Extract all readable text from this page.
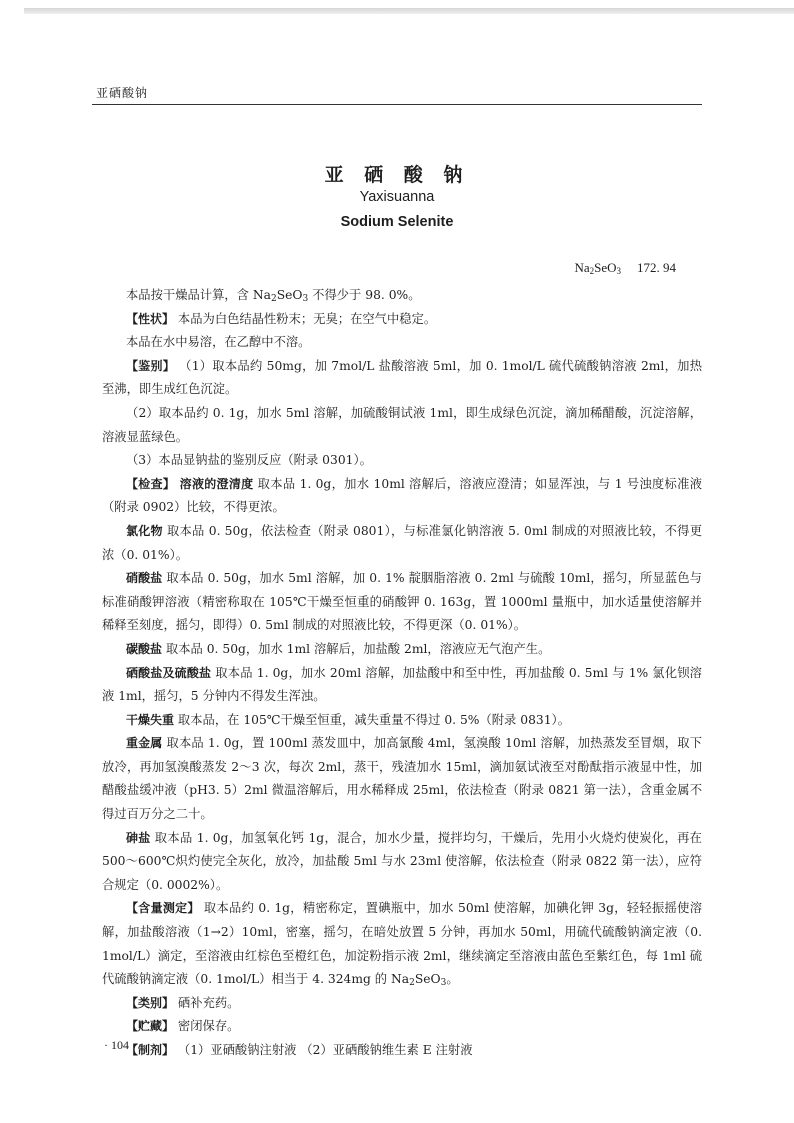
亚硒酸钠
亚 硒 酸 钠
Yaxisuanna
Sodium Selenite
$Na_2SeO_3$ 172. 94

本品按干燥品计算，含 $Na_2SeO_3$ 不得少于 98. 0%。

【性状】 本品为白色结晶性粉末；无臭；在空气中稳定。

本品在水中易溶，在乙醇中不溶。

【鉴别】 （1）取本品约 50mg，加 7mol/L 盐酸溶液 5ml，加 0. 1mol/L 硫代硫酸钠溶液 2ml，加热至沸，即生成红色沉淀。

（2）取本品约 0. 1g，加水 5ml 溶解，加硫酸铜试液 1ml，即生成绿色沉淀，滴加稀醋酸，沉淀溶解，溶液显蓝绿色。

（3）本品显钠盐的鉴别反应（附录 0301）。

【检查】 溶液的澄清度 取本品 1. 0g，加水 10ml 溶解后，溶液应澄清；如显浑浊，与 1 号浊度标准液（附录 0902）比较，不得更浓。

氯化物 取本品 0. 50g，依法检查（附录 0801），与标准氯化钠溶液 5. 0ml 制成的对照液比较，不得更浓（0. 01%）。

硝酸盐 取本品 0. 50g，加水 5ml 溶解，加 0. 1% 靛胭脂溶液 0. 2ml 与硫酸 10ml，摇匀，所显蓝色与标准硝酸钾溶液（精密称取在 105℃干燥至恒重的硝酸钾 0. 163g，置 1000ml 量瓶中，加水适量使溶解并稀释至刻度，摇匀，即得）0. 5ml 制成的对照液比较，不得更深（0. 01%）。

碳酸盐 取本品 0. 50g，加水 1ml 溶解后，加盐酸 2ml，溶液应无气泡产生。

硒酸盐及硫酸盐 取本品 1. 0g，加水 20ml 溶解，加盐酸中和至中性，再加盐酸 0. 5ml 与 1% 氯化钡溶液 1ml，摇匀，5 分钟内不得发生浑浊。

干燥失重 取本品，在 105℃干燥至恒重，减失重量不得过 0. 5%（附录 0831）。

重金属 取本品 1. 0g，置 100ml 蒸发皿中，加高氯酸 4ml，氢溴酸 10ml 溶解，加热蒸发至冒烟，取下放冷，再加氢溴酸蒸发 2～3 次，每次 2ml，蒸干，残渣加水 15ml，滴加氨试液至对酚酞指示液显中性，加醋酸盐缓冲液（pH3. 5）2ml 微温溶解后，用水稀释成 25ml，依法检查（附录 0821 第一法），含重金属不得过百万分之二十。

砷盐 取本品 1. 0g，加氢氧化钙 1g，混合，加水少量，搅拌均匀，干燥后，先用小火烧灼使炭化，再在 500～600℃炽灼使完全灰化，放冷，加盐酸 5ml 与水 23ml 使溶解，依法检查（附录 0822 第一法），应符合规定（0. 0002%）。

【含量测定】 取本品约 0. 1g，精密称定，置碘瓶中，加水 50ml 使溶解，加碘化钾 3g，轻轻振摇使溶解，加盐酸溶液（1→2）10ml，密塞，摇匀，在暗处放置 5 分钟，再加水 50ml，用硫代硫酸钠滴定液（0. 1mol/L）滴定，至溶液由红棕色至橙红色，加淀粉指示液 2ml，继续滴定至溶液由蓝色至紫红色，每 1ml 硫代硫酸钠滴定液（0. 1mol/L）相当于 4. 324mg 的 $Na_2SeO_3$。

【类别】 硒补充药。

【贮藏】 密闭保存。

【制剂】 （1）亚硒酸钠注射液 （2）亚硒酸钠维生素 E 注射液

· 104 ·
